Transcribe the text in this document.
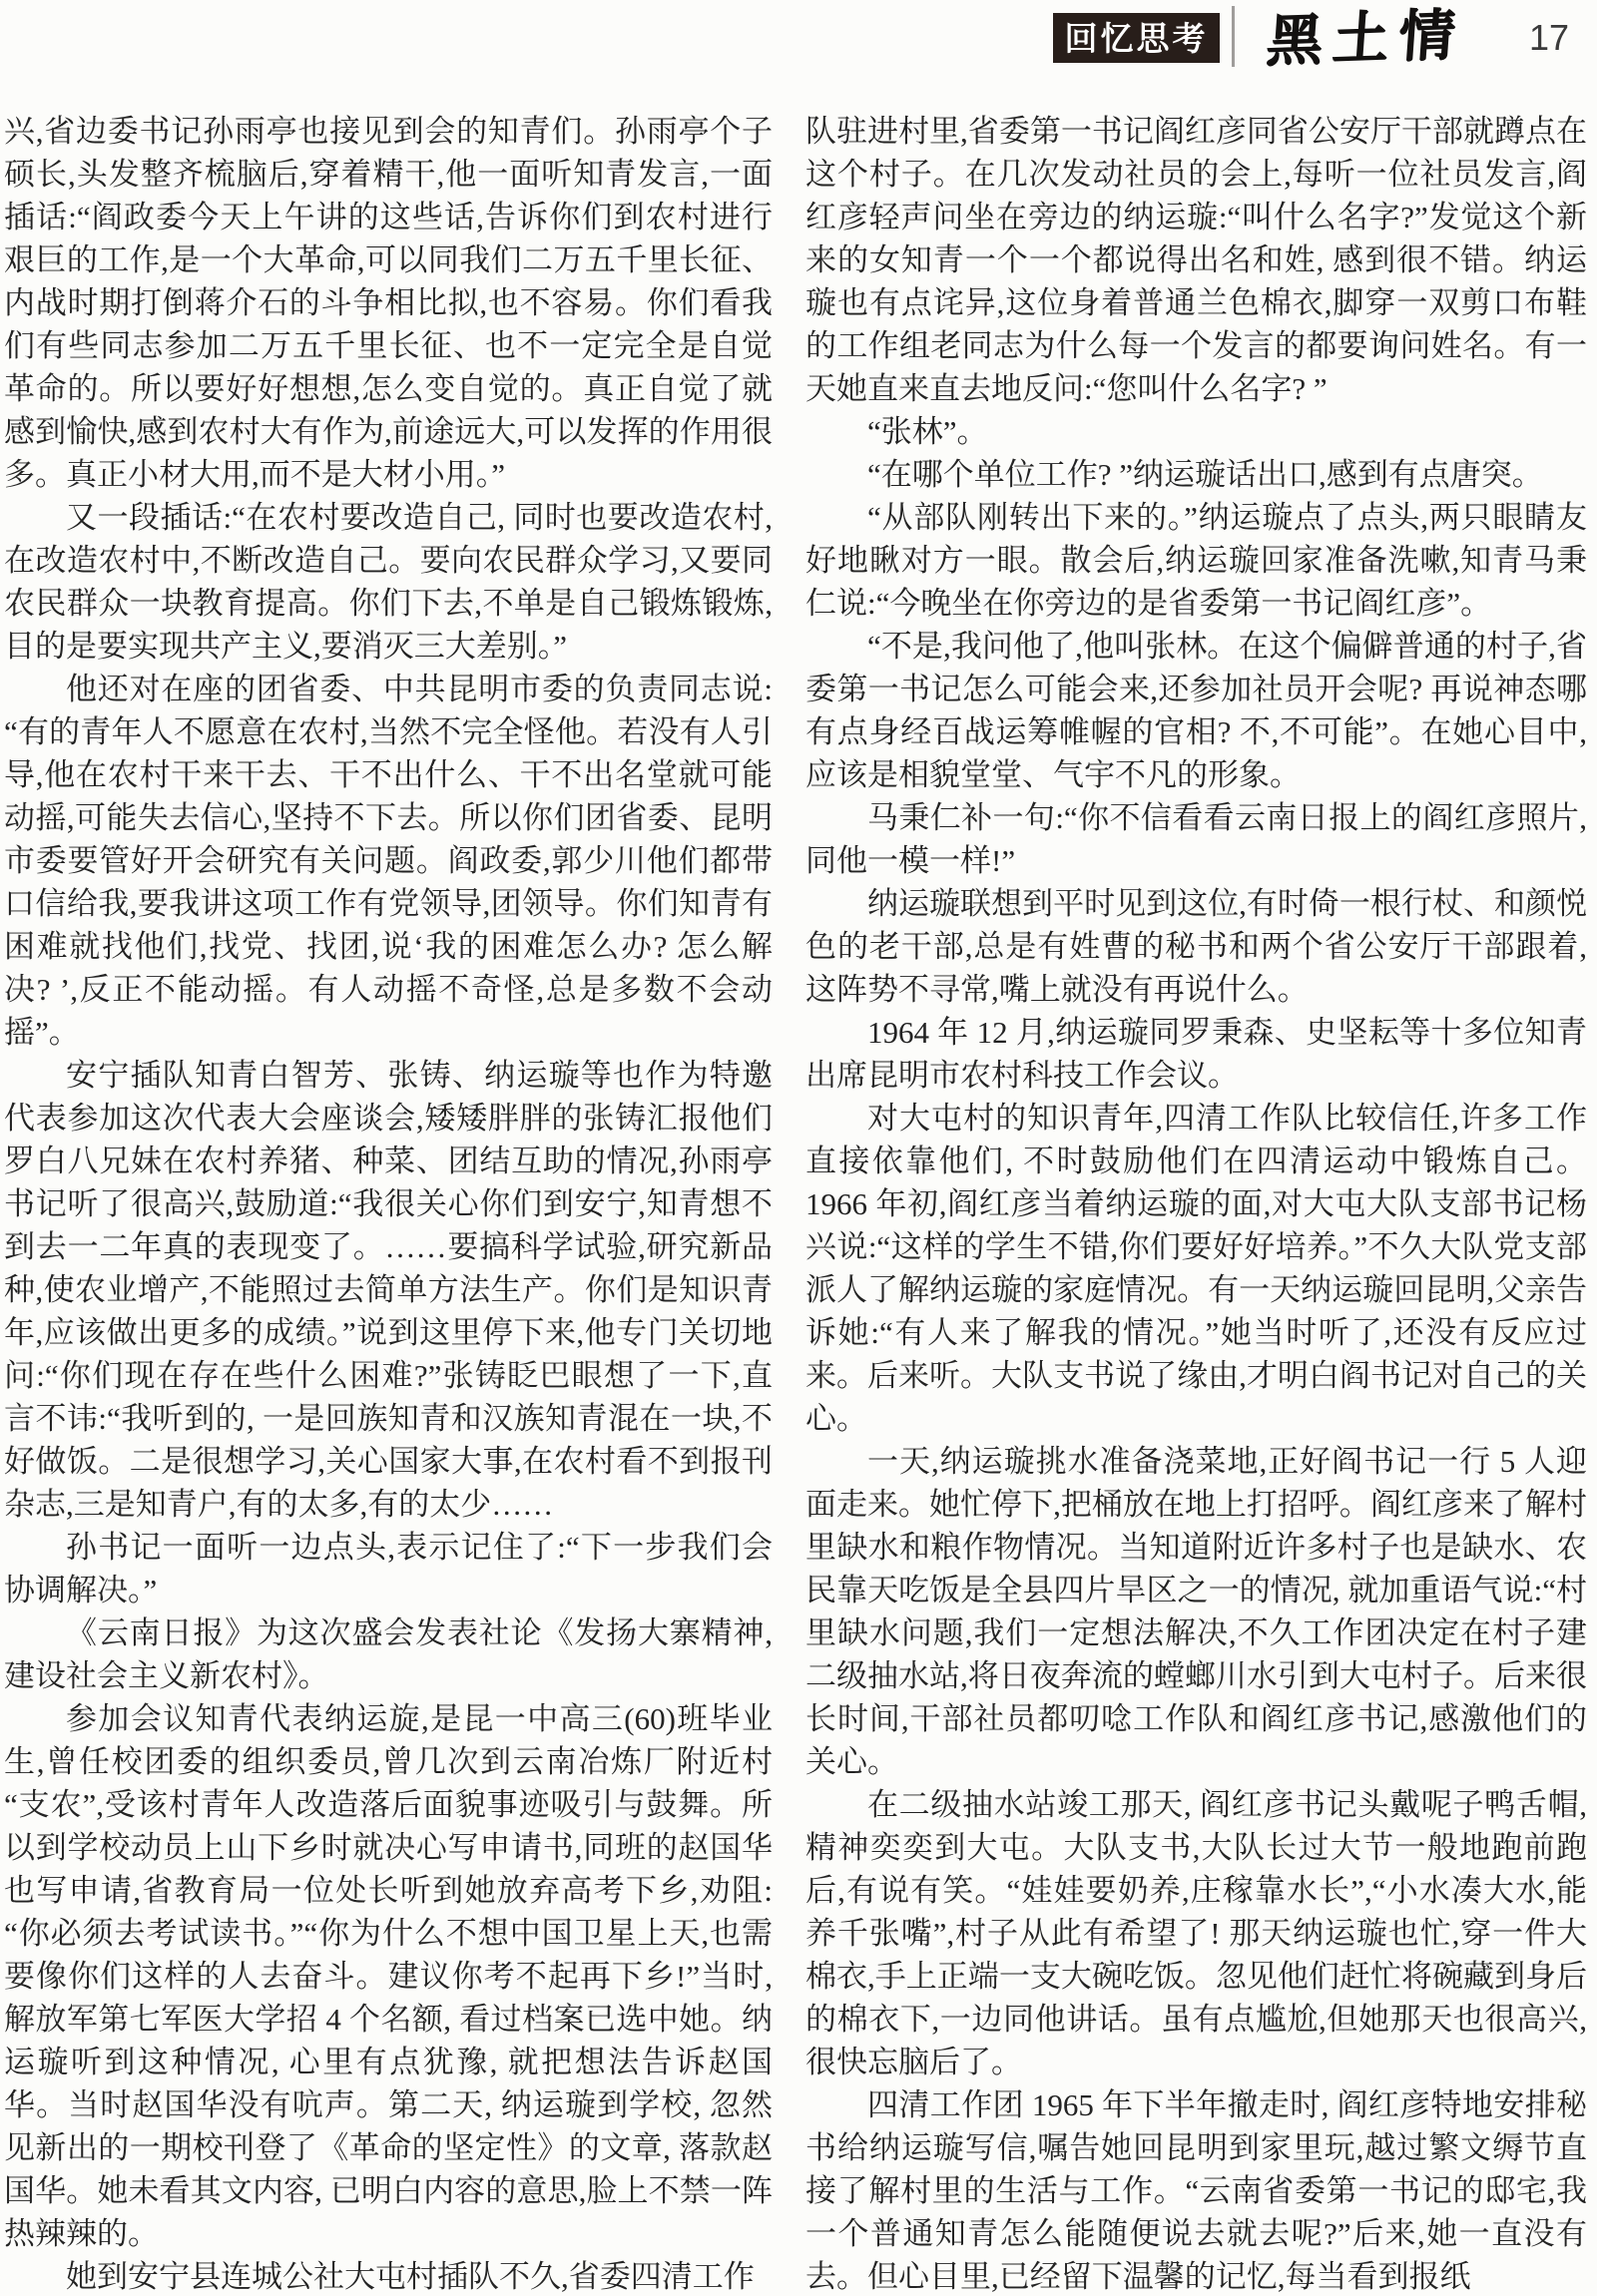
回忆思考 黑土情 17

兴,省边委书记孙雨亭也接见到会的知青们。孙雨亭个子硕长,头发整齐梳脑后,穿着精干,他一面听知青发言,一面插话:“阎政委今天上午讲的这些话,告诉你们到农村进行艰巨的工作,是一个大革命,可以同我们二万五千里长征、内战时期打倒蒋介石的斗争相比拟,也不容易。你们看我们有些同志参加二万五千里长征、也不一定完全是自觉革命的。所以要好好想想,怎么变自觉的。真正自觉了就感到愉快,感到农村大有作为,前途远大,可以发挥的作用很多。真正小材大用,而不是大材小用。”

又一段插话:“在农村要改造自己, 同时也要改造农村,在改造农村中,不断改造自己。要向农民群众学习,又要同农民群众一块教育提高。你们下去,不单是自己锻炼锻炼,目的是要实现共产主义,要消灭三大差别。”

他还对在座的团省委、中共昆明市委的负责同志说:“有的青年人不愿意在农村,当然不完全怪他。若没有人引导,他在农村干来干去、干不出什么、干不出名堂就可能动摇,可能失去信心,坚持不下去。所以你们团省委、昆明市委要管好开会研究有关问题。阎政委,郭少川他们都带口信给我,要我讲这项工作有党领导,团领导。你们知青有困难就找他们,找党、找团,说‘我的困难怎么办? 怎么解决? ’,反正不能动摇。有人动摇不奇怪,总是多数不会动摇”。

安宁插队知青白智芳、张铸、纳运璇等也作为特邀代表参加这次代表大会座谈会,矮矮胖胖的张铸汇报他们罗白八兄妹在农村养猪、种菜、团结互助的情况,孙雨亭书记听了很高兴,鼓励道:“我很关心你们到安宁,知青想不到去一二年真的表现变了。……要搞科学试验,研究新品种,使农业增产,不能照过去简单方法生产。你们是知识青年,应该做出更多的成绩。”说到这里停下来,他专门关切地问:“你们现在存在些什么困难?”张铸眨巴眼想了一下,直言不讳:“我听到的, 一是回族知青和汉族知青混在一块,不好做饭。二是很想学习,关心国家大事,在农村看不到报刊杂志,三是知青户,有的太多,有的太少……

孙书记一面听一边点头,表示记住了:“下一步我们会协调解决。”

《云南日报》为这次盛会发表社论《发扬大寨精神,建设社会主义新农村》。

参加会议知青代表纳运旋,是昆一中高三(60)班毕业生,曾任校团委的组织委员,曾几次到云南冶炼厂附近村“支农”,受该村青年人改造落后面貌事迹吸引与鼓舞。所以到学校动员上山下乡时就决心写申请书,同班的赵国华也写申请,省教育局一位处长听到她放弃高考下乡,劝阻:“你必须去考试读书。”“你为什么不想中国卫星上天,也需要像你们这样的人去奋斗。建议你考不起再下乡!”当时,解放军第七军医大学招 4 个名额, 看过档案已选中她。纳运璇听到这种情况, 心里有点犹豫, 就把想法告诉赵国华。当时赵国华没有吭声。第二天, 纳运璇到学校, 忽然见新出的一期校刊登了《革命的坚定性》的文章, 落款赵国华。她未看其文内容, 已明白内容的意思,脸上不禁一阵热辣辣的。

她到安宁县连城公社大屯村插队不久,省委四清工作

队驻进村里,省委第一书记阎红彦同省公安厅干部就蹲点在这个村子。在几次发动社员的会上,每听一位社员发言,阎红彦轻声问坐在旁边的纳运璇:“叫什么名字?”发觉这个新来的女知青一个一个都说得出名和姓, 感到很不错。纳运璇也有点诧异,这位身着普通兰色棉衣,脚穿一双剪口布鞋的工作组老同志为什么每一个发言的都要询问姓名。有一天她直来直去地反问:“您叫什么名字? ”

“张林”。

“在哪个单位工作? ”纳运璇话出口,感到有点唐突。

“从部队刚转出下来的。”纳运璇点了点头,两只眼睛友好地瞅对方一眼。散会后,纳运璇回家准备洗嗽,知青马秉仁说:“今晚坐在你旁边的是省委第一书记阎红彦”。

“不是,我问他了,他叫张林。在这个偏僻普通的村子,省委第一书记怎么可能会来,还参加社员开会呢? 再说神态哪有点身经百战运筹帷幄的官相? 不,不可能”。在她心目中,应该是相貌堂堂、气宇不凡的形象。

马秉仁补一句:“你不信看看云南日报上的阎红彦照片,同他一模一样!”

纳运璇联想到平时见到这位,有时倚一根行杖、和颜悦色的老干部,总是有姓曹的秘书和两个省公安厅干部跟着,这阵势不寻常,嘴上就没有再说什么。

1964 年 12 月,纳运璇同罗秉森、史坚耘等十多位知青出席昆明市农村科技工作会议。

对大屯村的知识青年,四清工作队比较信任,许多工作直接依靠他们, 不时鼓励他们在四清运动中锻炼自己。1966 年初,阎红彦当着纳运璇的面,对大屯大队支部书记杨兴说:“这样的学生不错,你们要好好培养。”不久大队党支部派人了解纳运璇的家庭情况。有一天纳运璇回昆明,父亲告诉她:“有人来了解我的情况。”她当时听了,还没有反应过来。后来听。大队支书说了缘由,才明白阎书记对自己的关心。

一天,纳运璇挑水准备浇菜地,正好阎书记一行 5 人迎面走来。她忙停下,把桶放在地上打招呼。阎红彦来了解村里缺水和粮作物情况。当知道附近许多村子也是缺水、农民靠天吃饭是全县四片旱区之一的情况, 就加重语气说:“村里缺水问题,我们一定想法解决,不久工作团决定在村子建二级抽水站,将日夜奔流的螳螂川水引到大屯村子。后来很长时间,干部社员都叨唸工作队和阎红彦书记,感激他们的关心。

在二级抽水站竣工那天, 阎红彦书记头戴呢子鸭舌帽,精神奕奕到大屯。大队支书,大队长过大节一般地跑前跑后,有说有笑。“娃娃要奶养,庄稼靠水长”,“小水凑大水,能养千张嘴”,村子从此有希望了! 那天纳运璇也忙,穿一件大棉衣,手上正端一支大碗吃饭。忽见他们赶忙将碗藏到身后的棉衣下,一边同他讲话。虽有点尴尬,但她那天也很高兴,很快忘脑后了。

四清工作团 1965 年下半年撤走时, 阎红彦特地安排秘书给纳运璇写信,嘱告她回昆明到家里玩,越过繁文缛节直接了解村里的生活与工作。“云南省委第一书记的邸宅,我一个普通知青怎么能随便说去就去呢?”后来,她一直没有去。但心目里,已经留下温馨的记忆,每当看到报纸
